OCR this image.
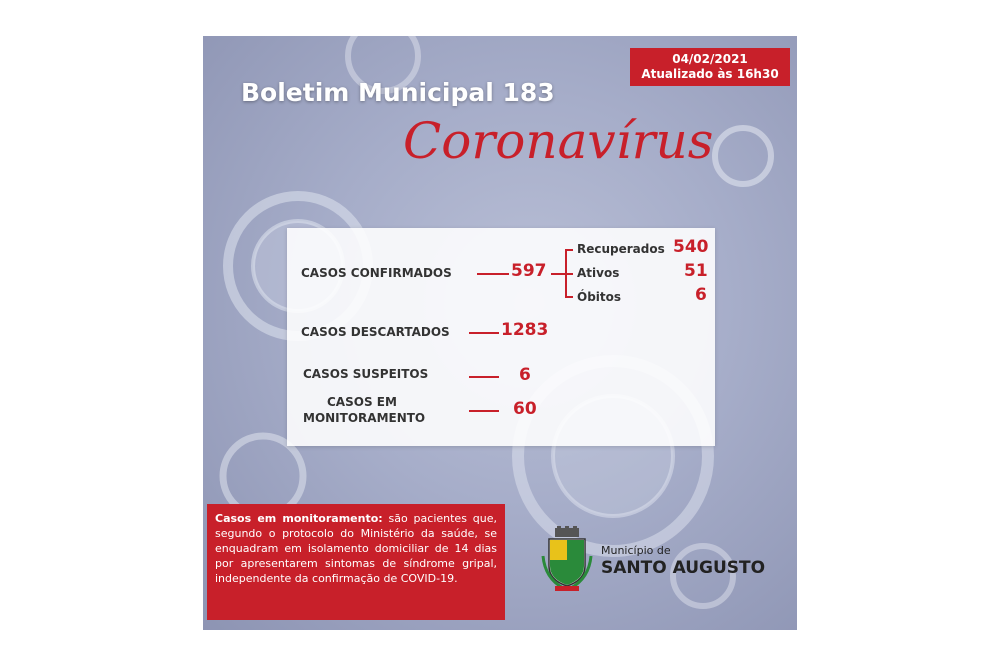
04/02/2021
Atualizado às 16h30
Boletim Municipal 183
Coronavírus
CASOS CONFIRMADOS	597
Recuperados 540
Ativos	51
Óbitos	6
CASOS DESCARTADOS	1283
CASOS SUSPEITOS	6
CASOS EM
MONITORAMENTO	60
Casos em monitoramento: são pacientes que, segundo o protocolo do Ministério da saúde, se enquadram em isolamento domiciliar de 14 dias por apresentarem sintomas de síndrome gripal, independente da confirmação de COVID-19.
Município de
SANTO AUGUSTO
